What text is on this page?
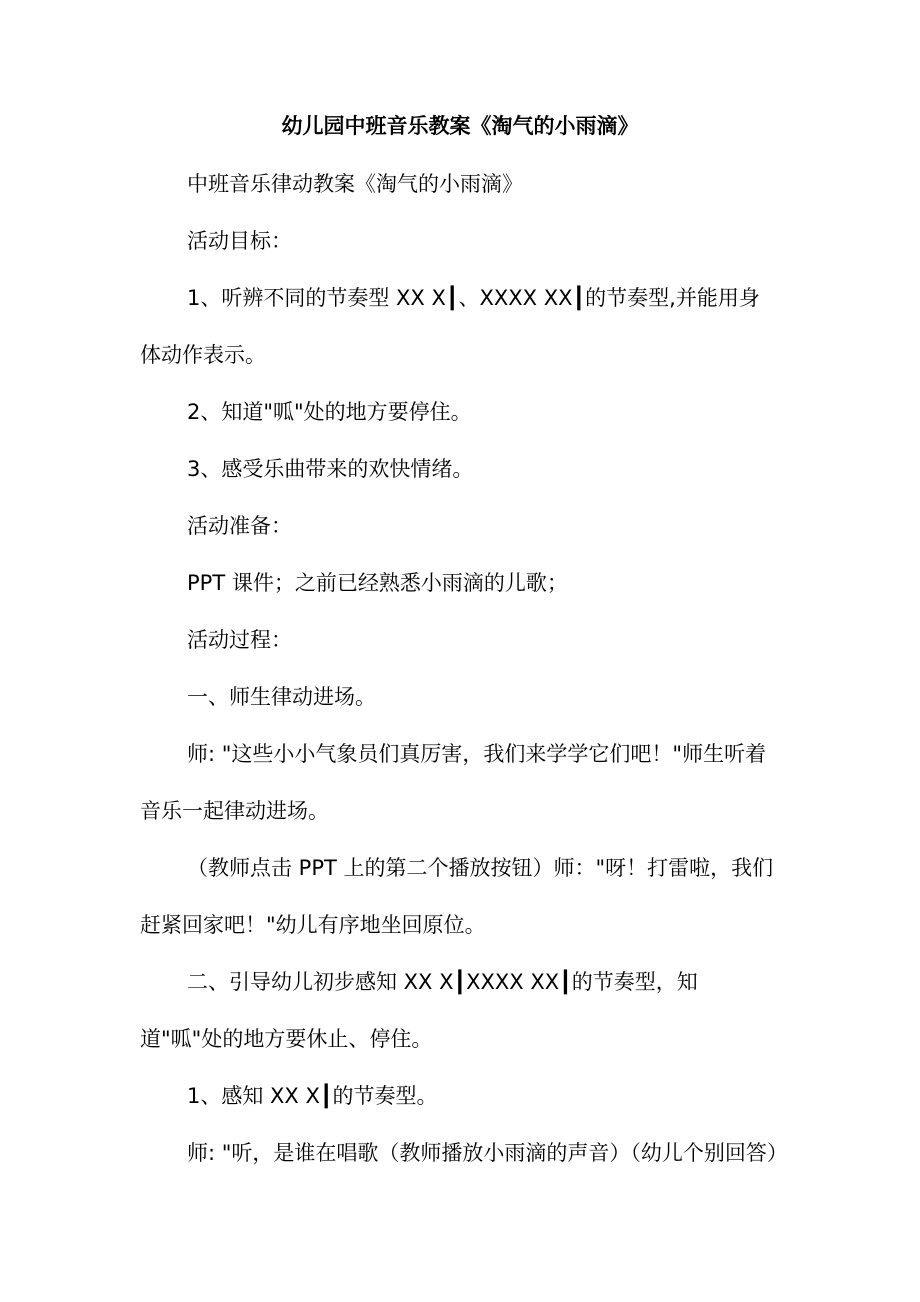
幼儿园中班音乐教案《淘气的小雨滴》

中班音乐律动教案《淘气的小雨滴》

活动目标：

1、听辨不同的节奏型 XX X┃、XXXX XX┃的节奏型,并能用身体动作表示。

2、知道"呱"处的地方要停住。

3、感受乐曲带来的欢快情绪。

活动准备：

PPT 课件；之前已经熟悉小雨滴的儿歌；

活动过程：

一、师生律动进场。

师: "这些小小气象员们真厉害，我们来学学它们吧！"师生听着音乐一起律动进场。

（教师点击 PPT 上的第二个播放按钮）师："呀！打雷啦，我们赶紧回家吧！"幼儿有序地坐回原位。

二、引导幼儿初步感知 XX X┃XXXX XX┃的节奏型，知道"呱"处的地方要休止、停住。

1、感知 XX X┃的节奏型。

师: "听，是谁在唱歌（教师播放小雨滴的声音）（幼儿个别回答）
